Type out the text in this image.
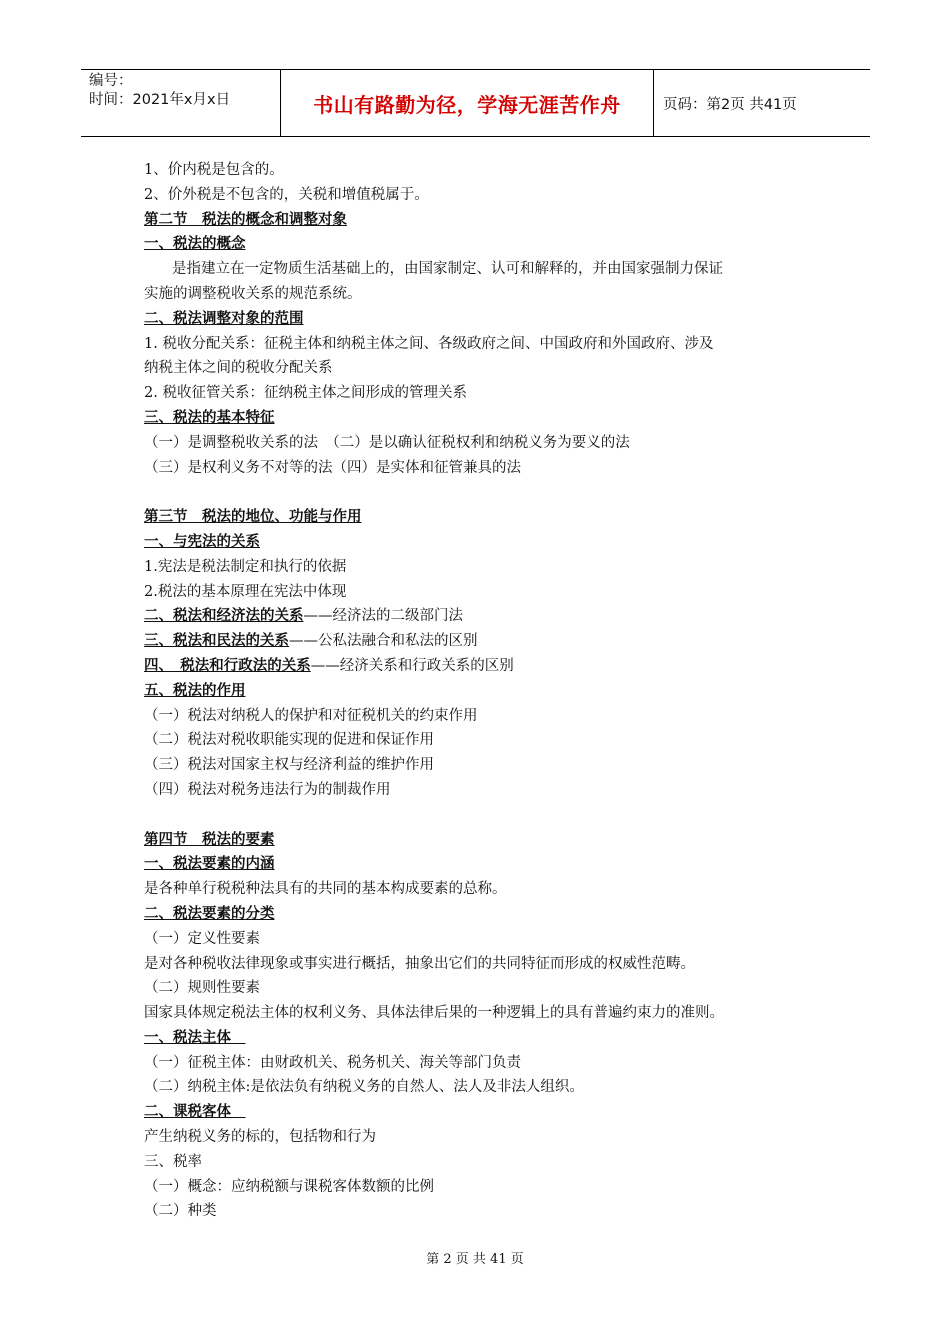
编号：
时间：2021年x月x日	书山有路勤为径，学海无涯苦作舟	页码：第2页 共41页
1、价内税是包含的。
2、价外税是不包含的，关税和增值税属于。
第二节　税法的概念和调整对象
一、税法的概念
是指建立在一定物质生活基础上的，由国家制定、认可和解释的，并由国家强制力保证
实施的调整税收关系的规范系统。
二、税法调整对象的范围
1. 税收分配关系：征税主体和纳税主体之间、各级政府之间、中国政府和外国政府、涉及
纳税主体之间的税收分配关系
2. 税收征管关系：征纳税主体之间形成的管理关系
三、税法的基本特征
（一）是调整税收关系的法　（二）是以确认征税权利和纳税义务为要义的法
（三）是权利义务不对等的法（四）是实体和征管兼具的法
第三节　税法的地位、功能与作用
一、与宪法的关系
1.宪法是税法制定和执行的依据
2.税法的基本原理在宪法中体现
二、税法和经济法的关系——经济法的二级部门法
三、税法和民法的关系——公私法融合和私法的区别
四、　税法和行政法的关系——经济关系和行政关系的区别
五、税法的作用
（一）税法对纳税人的保护和对征税机关的约束作用
（二）税法对税收职能实现的促进和保证作用
（三）税法对国家主权与经济利益的维护作用
（四）税法对税务违法行为的制裁作用
第四节　税法的要素
一、税法要素的内涵
是各种单行税税种法具有的共同的基本构成要素的总称。
二、税法要素的分类
（一）定义性要素
是对各种税收法律现象或事实进行概括，抽象出它们的共同特征而形成的权威性范畴。
（二）规则性要素
国家具体规定税法主体的权利义务、具体法律后果的一种逻辑上的具有普遍约束力的准则。
一、税法主体　
（一）征税主体：由财政机关、税务机关、海关等部门负责
（二）纳税主体:是依法负有纳税义务的自然人、法人及非法人组织。
二、课税客体　
产生纳税义务的标的，包括物和行为
三、税率
（一）概念：应纳税额与课税客体数额的比例
（二）种类
第 2 页 共 41 页
